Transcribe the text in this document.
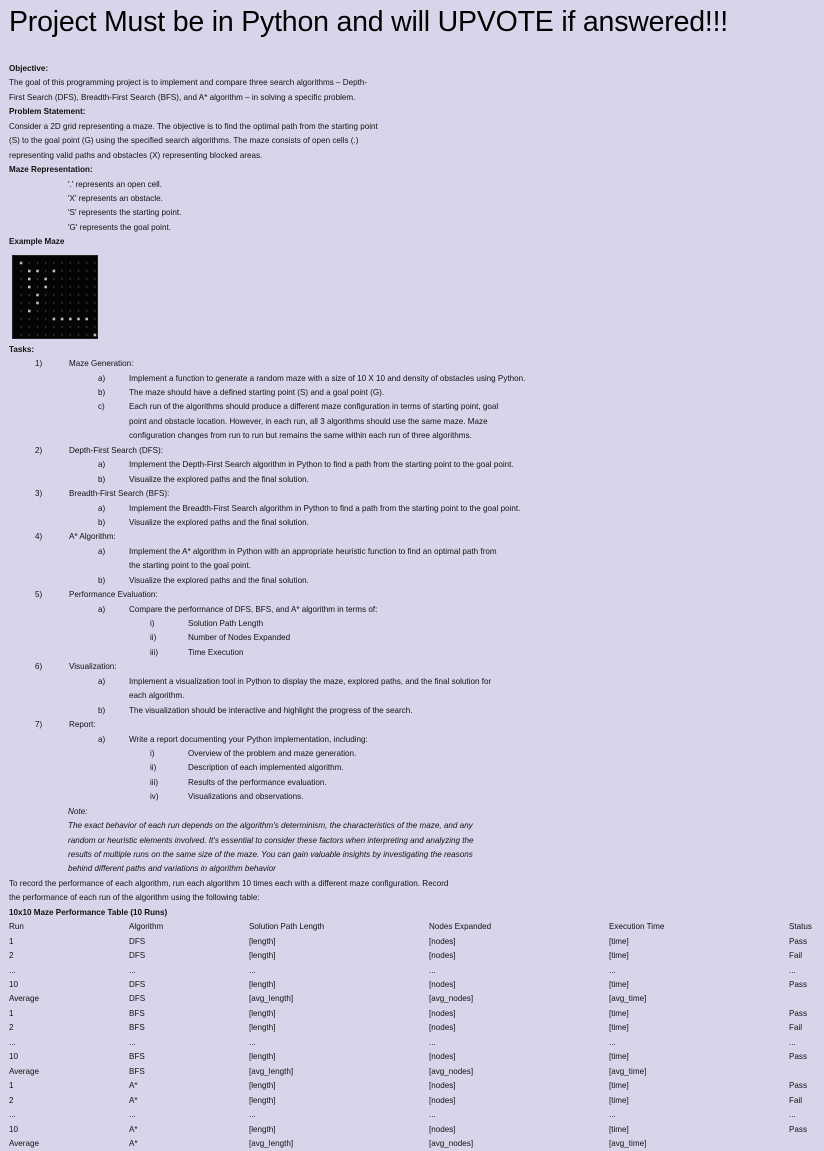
Project Must be in Python and will UPVOTE if answered!!!
Objective:
The goal of this programming project is to implement and compare three search algorithms – Depth-
First Search (DFS), Breadth-First Search (BFS), and A* algorithm – in solving a specific problem.
Problem Statement:
Consider a 2D grid representing a maze. The objective is to find the optimal path from the starting point
(S) to the goal point (G) using the specified search algorithms. The maze consists of open cells (.)
representing valid paths and obstacles (X) representing blocked areas.
Maze Representation:
'.' represents an open cell.
'X' represents an obstacle.
'S' represents the starting point.
'G' represents the goal point.
Example Maze
Tasks:
1)	Maze Generation:
a)	Implement a function to generate a random maze with a size of 10 X 10 and density of obstacles using Python.
b)	The maze should have a defined starting point (S) and a goal point (G).
c)	Each run of the algorithms should produce a different maze configuration in terms of starting point, goal
point and obstacle location. However, in each run, all 3 algorithms should use the same maze. Maze
configuration changes from run to run but remains the same within each run of three algorithms.
2)	Depth-First Search (DFS):
a)	Implement the Depth-First Search algorithm in Python to find a path from the starting point to the goal point.
b)	Visualize the explored paths and the final solution.
3)	Breadth-First Search (BFS):
a)	Implement the Breadth-First Search algorithm in Python to find a path from the starting point to the goal point.
b)	Visualize the explored paths and the final solution.
4)	A* Algorithm:
a)	Implement the A* algorithm in Python with an appropriate heuristic function to find an optimal path from
the starting point to the goal point.
b)	Visualize the explored paths and the final solution.
5)	Performance Evaluation:
a)	Compare the performance of DFS, BFS, and A* algorithm in terms of:
i)	Solution Path Length
ii)	Number of Nodes Expanded
iii)	Time Execution
6)	Visualization:
a)	Implement a visualization tool in Python to display the maze, explored paths, and the final solution for
each algorithm.
b)	The visualization should be interactive and highlight the progress of the search.
7)	Report:
a)	Write a report documenting your Python implementation, including:
i)	Overview of the problem and maze generation.
ii)	Description of each implemented algorithm.
iii)	Results of the performance evaluation.
iv)	Visualizations and observations.
Note:
The exact behavior of each run depends on the algorithm's determinism, the characteristics of the maze, and any
random or heuristic elements involved. It's essential to consider these factors when interpreting and analyzing the
results of multiple runs on the same size of the maze. You can gain valuable insights by investigating the reasons
behind different paths and variations in algorithm behavior
To record the performance of each algorithm, run each algorithm 10 times each with a different maze configuration. Record
the performance of each run of the algorithm using the following table:
10x10 Maze Performance Table (10 Runs)
Run	Algorithm	Solution Path Length	Nodes Expanded	Execution Time	Status
1	DFS	[length]	[nodes]	[time]	Pass
2	DFS	[length]	[nodes]	[time]	Fail
...	...	...	...	...	...
10	DFS	[length]	[nodes]	[time]	Pass
Average	DFS	[avg_length]	[avg_nodes]	[avg_time]	
1	BFS	[length]	[nodes]	[time]	Pass
2	BFS	[length]	[nodes]	[time]	Fail
...	...	...	...	...	...
10	BFS	[length]	[nodes]	[time]	Pass
Average	BFS	[avg_length]	[avg_nodes]	[avg_time]	
1	A*	[length]	[nodes]	[time]	Pass
2	A*	[length]	[nodes]	[time]	Fail
...	...	...	...	...	...
10	A*	[length]	[nodes]	[time]	Pass
Average	A*	[avg_length]	[avg_nodes]	[avg_time]	
